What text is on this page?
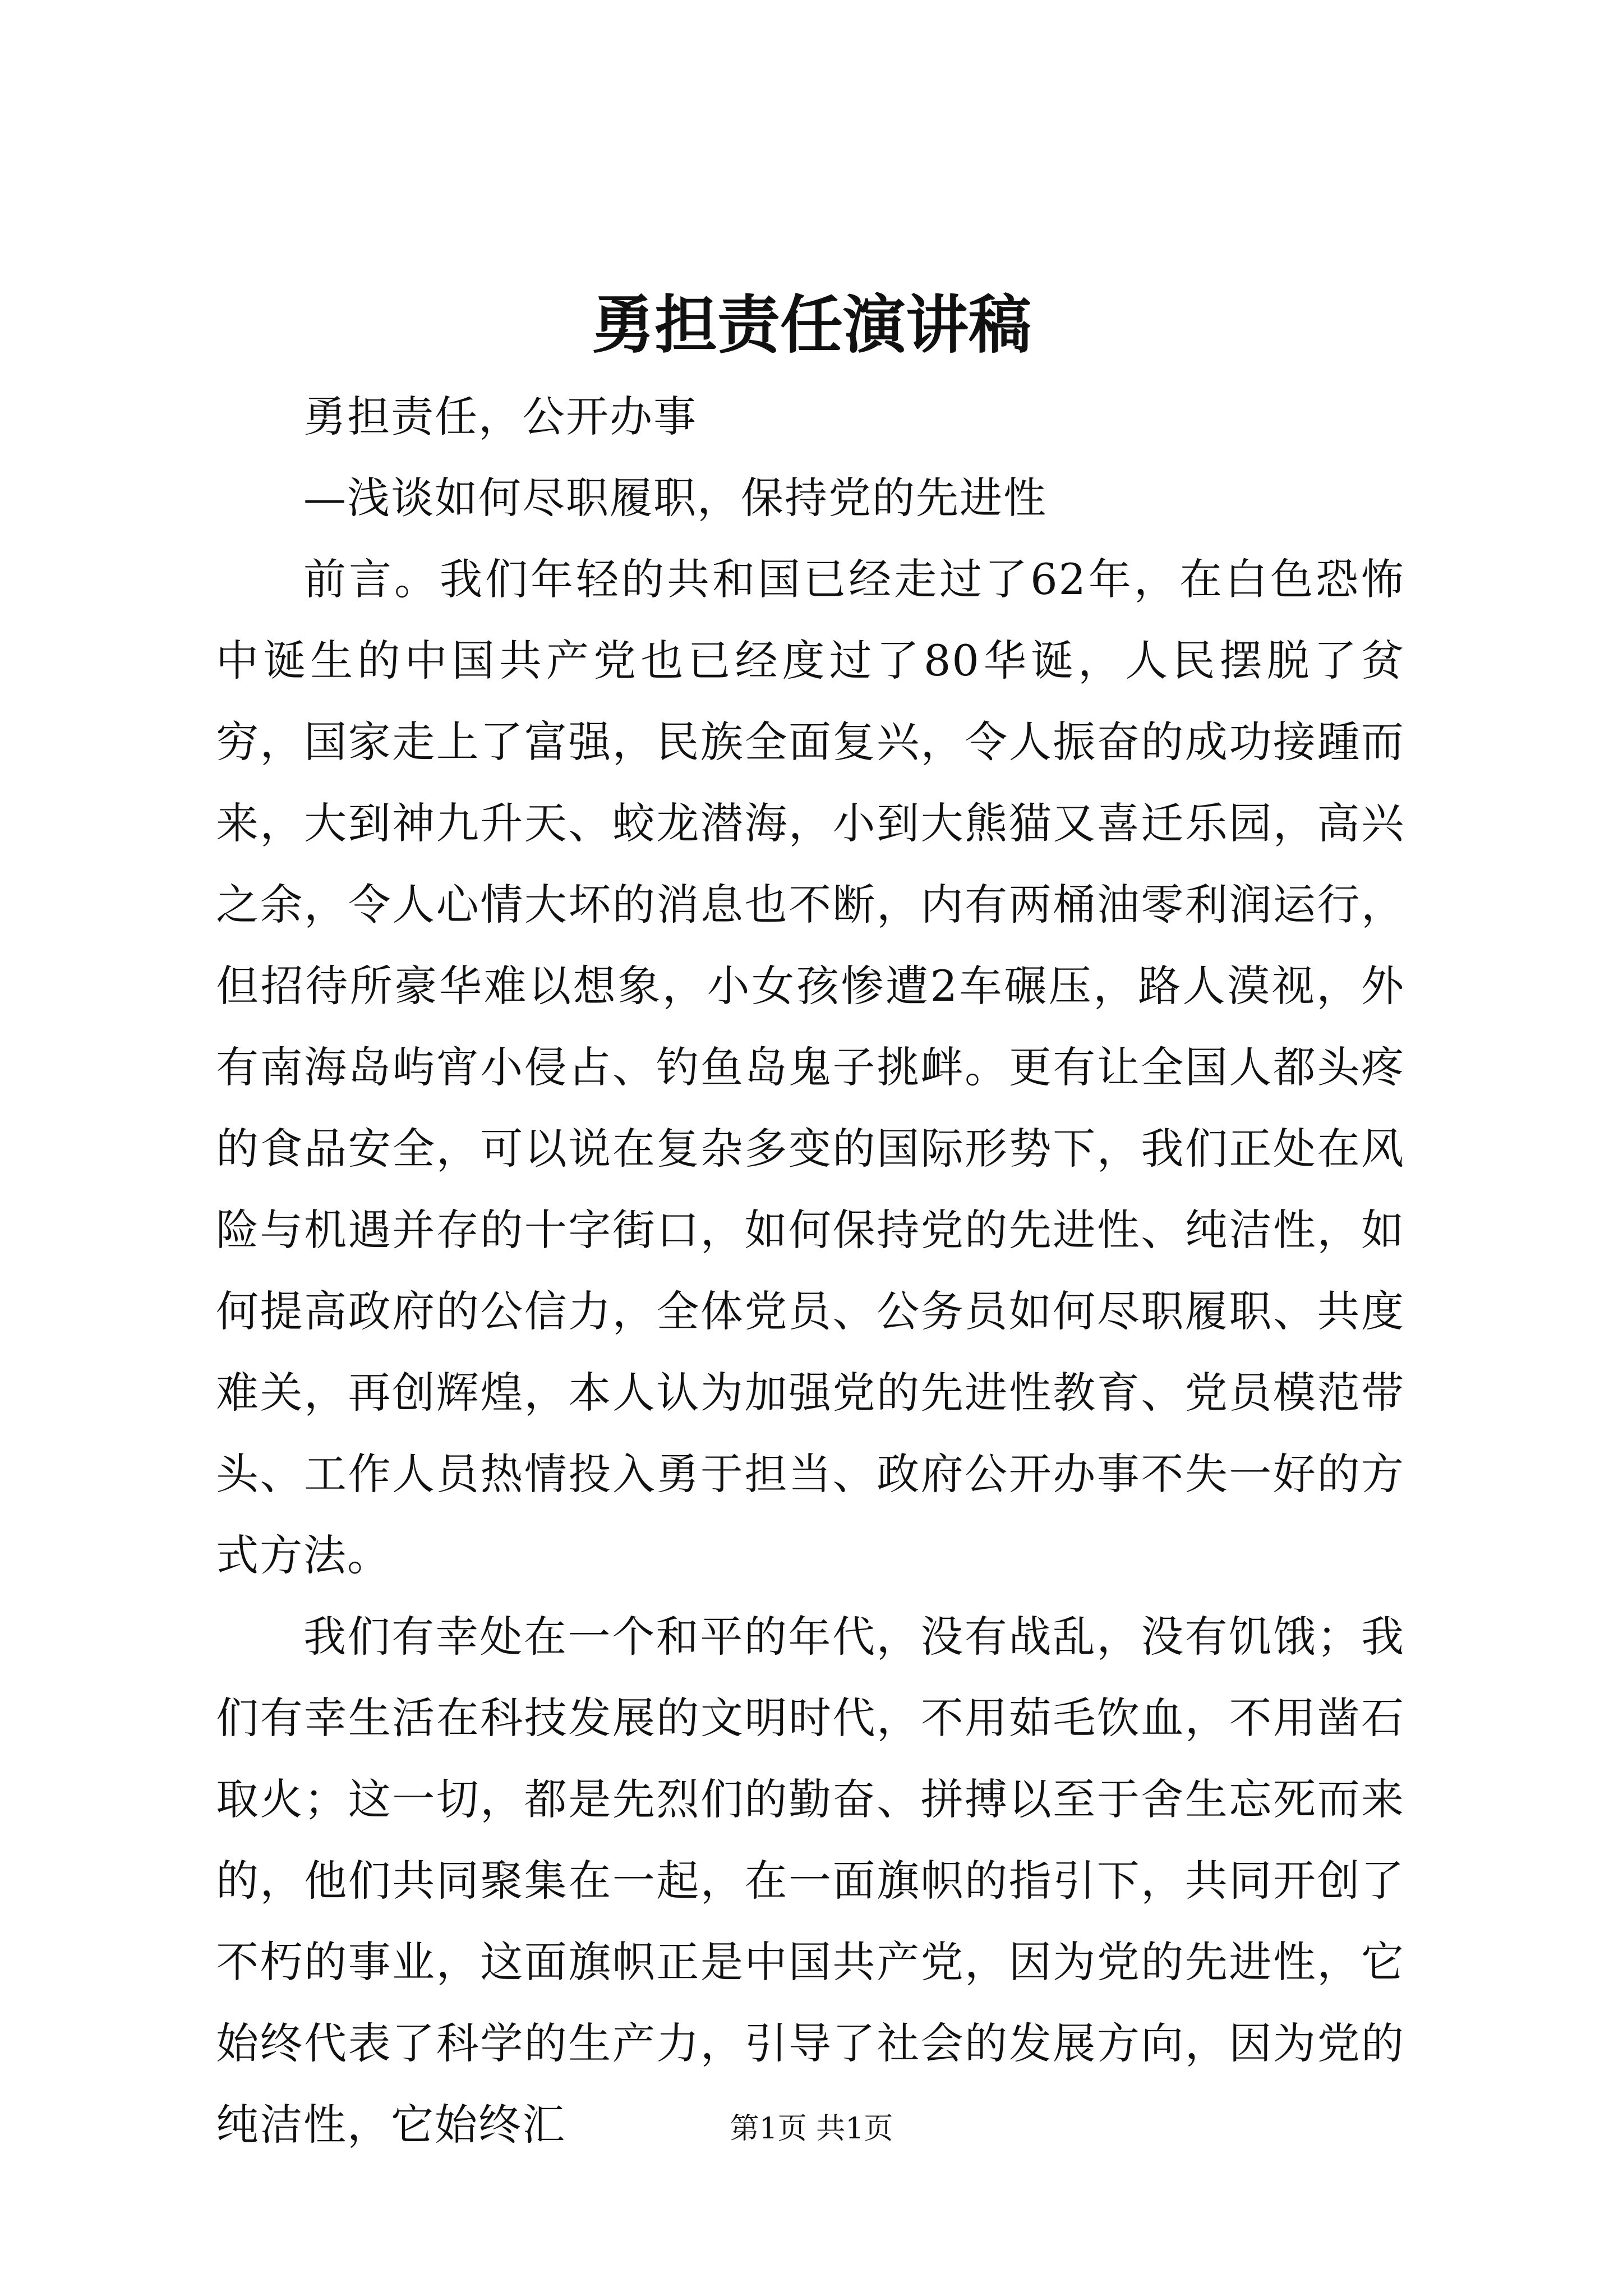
勇担责任演讲稿

勇担责任，公开办事

—浅谈如何尽职履职，保持党的先进性

前言。我们年轻的共和国已经走过了62年，在白色恐怖中诞生的中国共产党也已经度过了80华诞，人民摆脱了贫穷，国家走上了富强，民族全面复兴，令人振奋的成功接踵而来，大到神九升天、蛟龙潜海，小到大熊猫又喜迁乐园，高兴之余，令人心情大坏的消息也不断，内有两桶油零利润运行，但招待所豪华难以想象，小女孩惨遭2车碾压，路人漠视，外有南海岛屿宵小侵占、钓鱼岛鬼子挑衅。更有让全国人都头疼的食品安全，可以说在复杂多变的国际形势下，我们正处在风险与机遇并存的十字街口，如何保持党的先进性、纯洁性，如何提高政府的公信力，全体党员、公务员如何尽职履职、共度难关，再创辉煌，本人认为加强党的先进性教育、党员模范带头、工作人员热情投入勇于担当、政府公开办事不失一好的方式方法。

我们有幸处在一个和平的年代，没有战乱，没有饥饿；我们有幸生活在科技发展的文明时代，不用茹毛饮血，不用凿石取火；这一切，都是先烈们的勤奋、拼搏以至于舍生忘死而来的，他们共同聚集在一起，在一面旗帜的指引下，共同开创了不朽的事业，这面旗帜正是中国共产党，因为党的先进性，它始终代表了科学的生产力，引导了社会的发展方向，因为党的纯洁性，它始终汇	第1页 共1页
